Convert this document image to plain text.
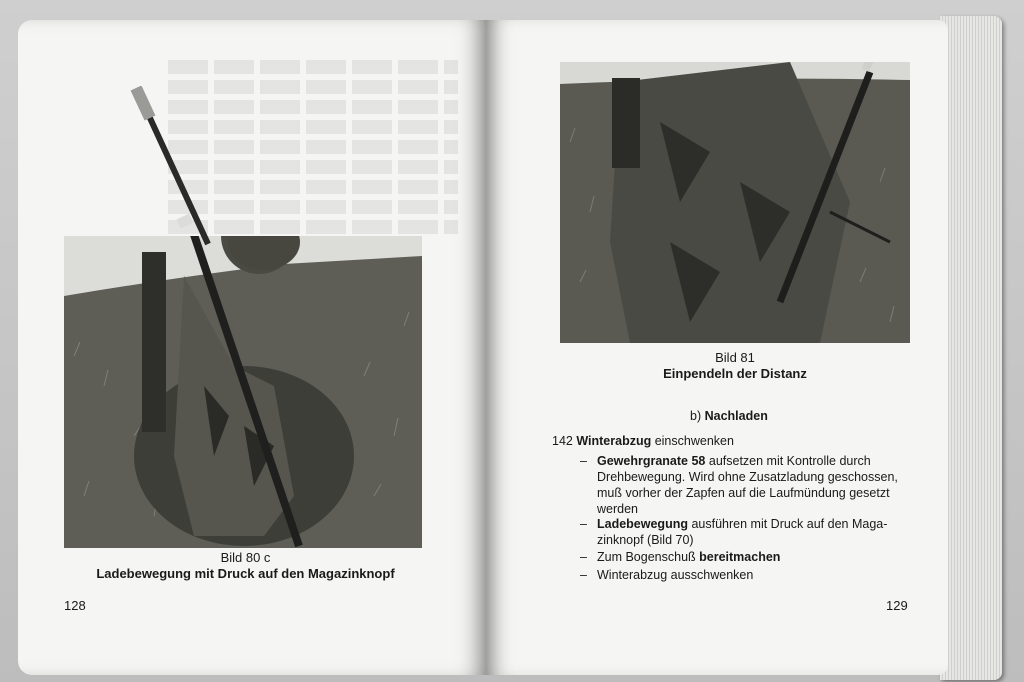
Bild 80 c
Ladebewegung mit Druck auf den Magazinknopf
128
Bild 81
Einpendeln der Distanz
b) Nachladen
142 Winterabzug einschwenken
– Gewehrgranate 58 aufsetzen mit Kontrolle durch
Drehbewegung. Wird ohne Zusatzladung geschossen,
muß vorher der Zapfen auf die Laufmündung gesetzt
werden
– Ladebewegung ausführen mit Druck auf den Maga-
zinknopf (Bild 70)
– Zum Bogenschuß bereitmachen
– Winterabzug ausschwenken
129
